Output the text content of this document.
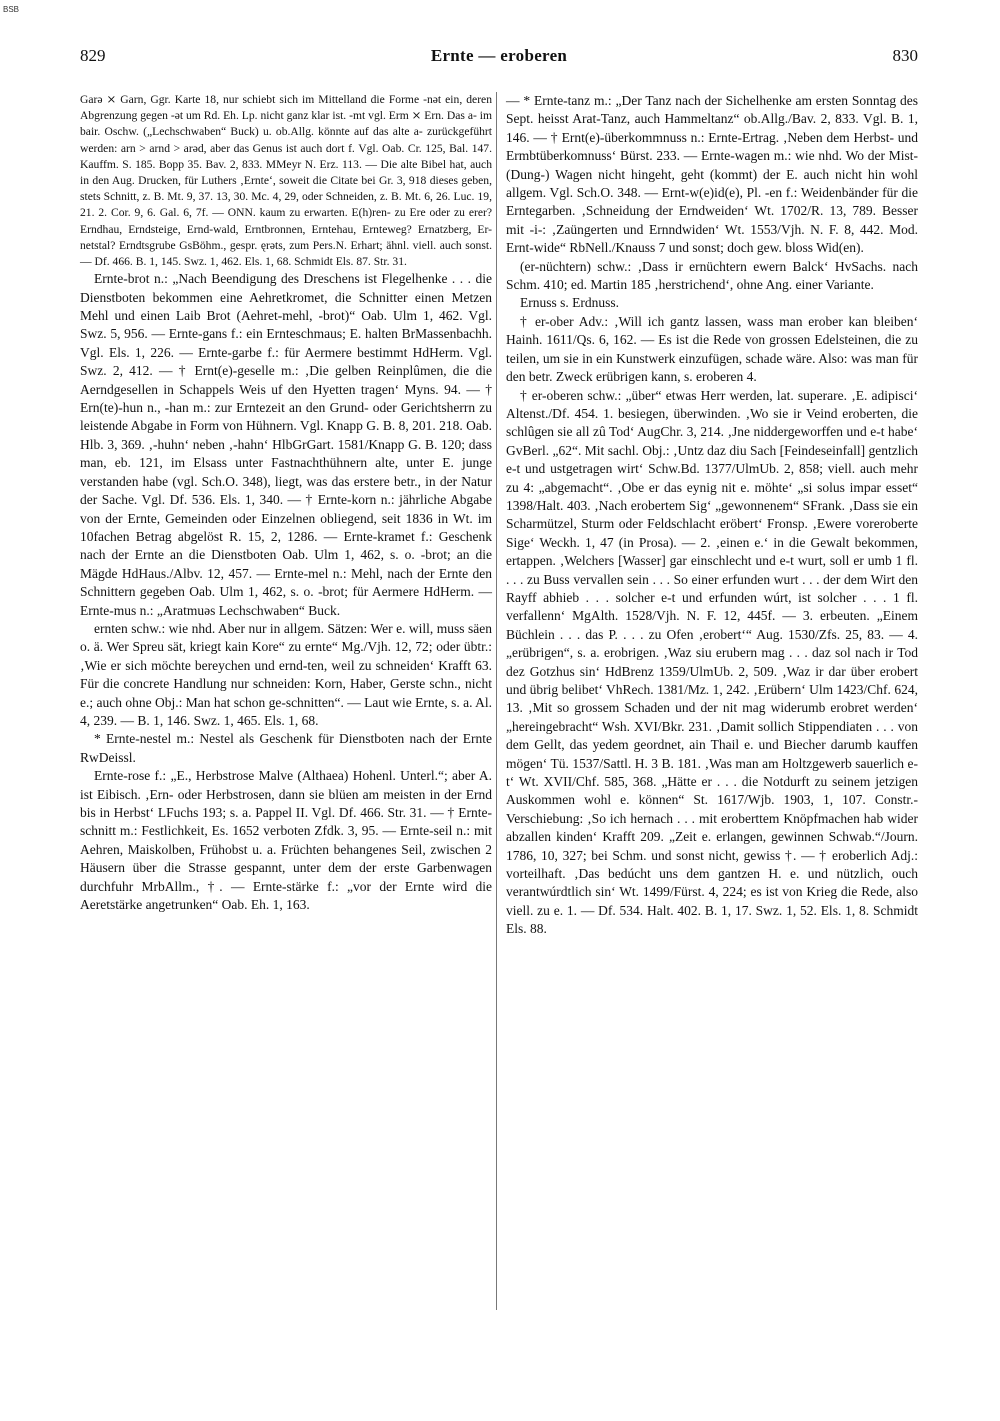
BSB
829	Ernte — eroberen	830

Garə ⨯ Garn, Ggr. Karte 18, nur schiebt sich im Mittelland die Forme -nət ein, deren Abgrenzung gegen -ət um Rd. Eh. Lp. nicht ganz klar ist. -mt vgl. Erm ⨯ Ern. Das a- im bair. Oschw. („Lechschwaben“ Buck) u. ob.Allg. könnte auf das alte a- zurückgeführt werden: arn > arnd > arəd, aber das Genus ist auch dort f. Vgl. Oab. Cr. 125, Bal. 147. Kauffm. S. 185. Bopp 35. Bav. 2, 833. MMeyr N. Erz. 113. — Die alte Bibel hat, auch in den Aug. Drucken, für Luthers ‚Ernte‘, soweit die Citate bei Gr. 3, 918 dieses geben, stets Schnitt, z. B. Mt. 9, 37. 13, 30. Mc. 4, 29, oder Schneiden, z. B. Mt. 6, 26. Luc. 19, 21. 2. Cor. 9, 6. Gal. 6, 7f. — ONN. kaum zu erwarten. E(h)ren- zu Ere oder zu erer? Erndhau, Erndsteige, Ernd-wald, Erntbronnen, Erntehau, Ernteweg? Ernatzberg, Er-netstal? Erndtsgrube GsBöhm., gespr. ęrəts, zum Pers.N. Erhart; ähnl. viell. auch sonst. — Df. 466. B. 1, 145. Swz. 1, 462. Els. 1, 68. Schmidt Els. 87. Str. 31.

Ernte-brot n.: „Nach Beendigung des Dreschens ist Flegelhenke . . . die Dienstboten bekommen eine Aehretkromet, die Schnitter einen Metzen Mehl und einen Laib Brot (Aehret-mehl, -brot)“ Oab. Ulm 1, 462. Vgl. Swz. 5, 956. — Ernte-gans f.: ein Ernteschmaus; E. halten BrMassenbachh. Vgl. Els. 1, 226. — Ernte-garbe f.: für Aermere bestimmt HdHerm. Vgl. Swz. 2, 412. — † Ernt(e)-geselle m.: ‚Die gelben Reinplûmen, die die Aerndgesellen in Schappels Weis uf den Hyetten tragen‘ Myns. 94. — † Ern(te)-hun n., -han m.: zur Erntezeit an den Grund- oder Gerichtsherrn zu leistende Abgabe in Form von Hühnern. Vgl. Knapp G. B. 8, 201. 218. Oab. Hlb. 3, 369. ‚-huhn‘ neben ‚-hahn‘ HlbGrGart. 1581/Knapp G. B. 120; dass man, eb. 121, im Elsass unter Fastnachthühnern alte, unter E. junge verstanden habe (vgl. Sch.O. 348), liegt, was das erstere betr., in der Natur der Sache. Vgl. Df. 536. Els. 1, 340. — † Ernte-korn n.: jährliche Abgabe von der Ernte, Gemeinden oder Einzelnen obliegend, seit 1836 in Wt. im 10fachen Betrag abgelöst R. 15, 2, 1286. — Ernte-kramet f.: Geschenk nach der Ernte an die Dienstboten Oab. Ulm 1, 462, s. o. -brot; an die Mägde HdHaus./Albv. 12, 457. — Ernte-mel n.: Mehl, nach der Ernte den Schnittern gegeben Oab. Ulm 1, 462, s. o. -brot; für Aermere HdHerm. — Ernte-mus n.: „Aratmuəs Lechschwaben“ Buck.

ernten schw.: wie nhd. Aber nur in allgem. Sätzen: Wer e. will, muss säen o. ä. Wer Spreu sät, kriegt kain Kore“ zu ernte“ Mg./Vjh. 12, 72; oder übtr.: ‚Wie er sich möchte bereychen und ernd-ten, weil zu schneiden‘ Krafft 63. Für die concrete Handlung nur schneiden: Korn, Haber, Gerste schn., nicht e.; auch ohne Obj.: Man hat schon ge-schnitten“. — Laut wie Ernte, s. a. Al. 4, 239. — B. 1, 146. Swz. 1, 465. Els. 1, 68.

* Ernte-nestel m.: Nestel als Geschenk für Dienstboten nach der Ernte RwDeissl.

Ernte-rose f.: „E., Herbstrose Malve (Althaea) Hohenl. Unterl.“; aber A. ist Eibisch. ‚Ern- oder Herbstrosen, dann sie blüen am meisten in der Ernd bis in Herbst‘ LFuchs 193; s. a. Pappel II. Vgl. Df. 466. Str. 31. — † Ernte-schnitt m.: Festlichkeit, Es. 1652 verboten Zfdk. 3, 95. — Ernte-seil n.: mit Aehren, Maiskolben, Frühobst u. a. Früchten behangenes Seil, zwischen 2 Häusern über die Strasse gespannt, unter dem der erste Garbenwagen durchfuhr MrbAllm., †. — Ernte-stärke f.: „vor der Ernte wird die Aeretstärke angetrunken“ Oab. Eh. 1, 163.

— * Ernte-tanz m.: „Der Tanz nach der Sichelhenke am ersten Sonntag des Sept. heisst Arat-Tanz, auch Hammeltanz“ ob.Allg./Bav. 2, 833. Vgl. B. 1, 146. — † Ernt(e)-überkommnuss n.: Ernte-Ertrag. ‚Neben dem Herbst- und Ermbtüberkomnuss‘ Bürst. 233. — Ernte-wagen m.: wie nhd. Wo der Mist-(Dung-) Wagen nicht hingeht, geht (kommt) der E. auch nicht hin wohl allgem. Vgl. Sch.O. 348. — Ernt-w(e)id(e), Pl. -en f.: Weidenbänder für die Erntegarben. ‚Schneidung der Erndweiden‘ Wt. 1702/R. 13, 789. Besser mit -i-: ‚Zaüngerten und Ernndwiden‘ Wt. 1553/Vjh. N. F. 8, 442. Mod. Ernt-wide“ RbNell./Knauss 7 und sonst; doch gew. bloss Wid(en).

(er-nüchtern) schw.: ‚Dass ir ernüchtern ewern Balck‘ HvSachs. nach Schm. 410; ed. Martin 185 ‚herstrichend‘, ohne Ang. einer Variante.

Ernuss s. Erdnuss.

† er-ober Adv.: ‚Will ich gantz lassen, wass man erober kan bleiben‘ Hainh. 1611/Qs. 6, 162. — Es ist die Rede von grossen Edelsteinen, die zu teilen, um sie in ein Kunstwerk einzufügen, schade wäre. Also: was man für den betr. Zweck erübrigen kann, s. eroberen 4.

† er-oberen schw.: „über“ etwas Herr werden, lat. superare. ‚E. adipisci‘ Altenst./Df. 454. 1. besiegen, überwinden. ‚Wo sie ir Veind eroberten, die schlûgen sie all zû Tod‘ AugChr. 3, 214. ‚Jne niddergeworffen und e-t habe‘ GvBerl. „62“. Mit sachl. Obj.: ‚Untz daz diu Sach [Feindeseinfall] gentzlich e-t und ustgetragen wirt‘ Schw.Bd. 1377/UlmUb. 2, 858; viell. auch mehr zu 4: „abgemacht“. ‚Obe er das eynig nit e. möhte‘ „si solus impar esset“ 1398/Halt. 403. ‚Nach erobertem Sig‘ „gewonnenem“ SFrank. ‚Dass sie ein Scharmützel, Sturm oder Feldschlacht eröbert‘ Fronsp. ‚Ewere voreroberte Sige‘ Weckh. 1, 47 (in Prosa). — 2. ‚einen e.‘ in die Gewalt bekommen, ertappen. ‚Welchers [Wasser] gar einschlecht und e-t wurt, soll er umb 1 fl. . . . zu Buss vervallen sein . . . So einer erfunden wurt . . . der dem Wirt den Rayff abhieb . . . solcher e-t und erfunden wúrt, ist solcher . . . 1 fl. verfallenn‘ MgAlth. 1528/Vjh. N. F. 12, 445f. — 3. erbeuten. „Einem Büchlein . . . das P. . . . zu Ofen ‚erobert‘“ Aug. 1530/Zfs. 25, 83. — 4. „erübrigen“, s. a. erobrigen. ‚Waz siu erubern mag . . . daz sol nach ir Tod dez Gotzhus sin‘ HdBrenz 1359/UlmUb. 2, 509. ‚Waz ir dar über erobert und übrig belibet‘ VhRech. 1381/Mz. 1, 242. ‚Erübern‘ Ulm 1423/Chf. 624, 13. ‚Mit so grossem Schaden und der nit mag widerumb erobret werden‘ „hereingebracht“ Wsh. XVI/Bkr. 231. ‚Damit sollich Stippendiaten . . . von dem Gellt, das yedem geordnet, ain Thail e. und Biecher darumb kauffen mögen‘ Tü. 1537/Sattl. H. 3 B. 181. ‚Was man am Holtzgewerb sauerlich e-t‘ Wt. XVII/Chf. 585, 368. „Hätte er . . . die Notdurft zu seinem jetzigen Auskommen wohl e. können“ St. 1617/Wjb. 1903, 1, 107. Constr.-Verschiebung: ‚So ich hernach . . . mit eroberttem Knöpfmachen hab wider abzallen kinden‘ Krafft 209. „Zeit e. erlangen, gewinnen Schwab.“/Journ. 1786, 10, 327; bei Schm. und sonst nicht, gewiss †. — † eroberlich Adj.: vorteilhaft. ‚Das bedúcht uns dem gantzen H. e. und nützlich, ouch verantwúrdtlich sin‘ Wt. 1499/Fürst. 4, 224; es ist von Krieg die Rede, also viell. zu e. 1. — Df. 534. Halt. 402. B. 1, 17. Swz. 1, 52. Els. 1, 8. Schmidt Els. 88.
